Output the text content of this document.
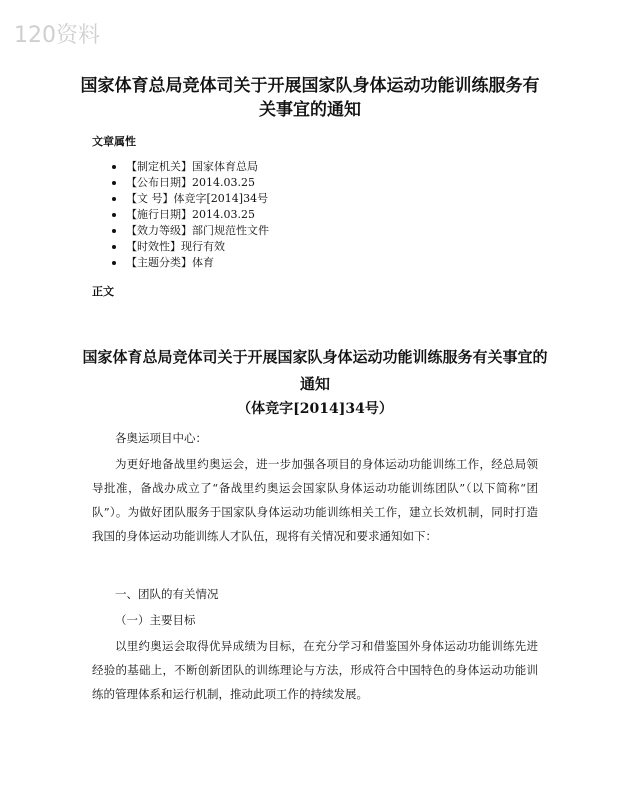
120资料
国家体育总局竞体司关于开展国家队身体运动功能训练服务有关事宜的通知
文章属性
【制定机关】国家体育总局
【公布日期】2014.03.25
【文 号】体竞字[2014]34号
【施行日期】2014.03.25
【效力等级】部门规范性文件
【时效性】现行有效
【主题分类】体育
正文
国家体育总局竞体司关于开展国家队身体运动功能训练服务有关事宜的通知
（体竞字[2014]34号）
各奥运项目中心：
为更好地备战里约奥运会，进一步加强各项目的身体运动功能训练工作，经总局领导批准，备战办成立了“备战里约奥运会国家队身体运动功能训练团队”（以下简称“团队”）。为做好团队服务于国家队身体运动功能训练相关工作，建立长效机制，同时打造我国的身体运动功能训练人才队伍，现将有关情况和要求通知如下：
一、团队的有关情况
（一）主要目标
以里约奥运会取得优异成绩为目标，在充分学习和借鉴国外身体运动功能训练先进经验的基础上，不断创新团队的训练理论与方法，形成符合中国特色的身体运动功能训练的管理体系和运行机制，推动此项工作的持续发展。
